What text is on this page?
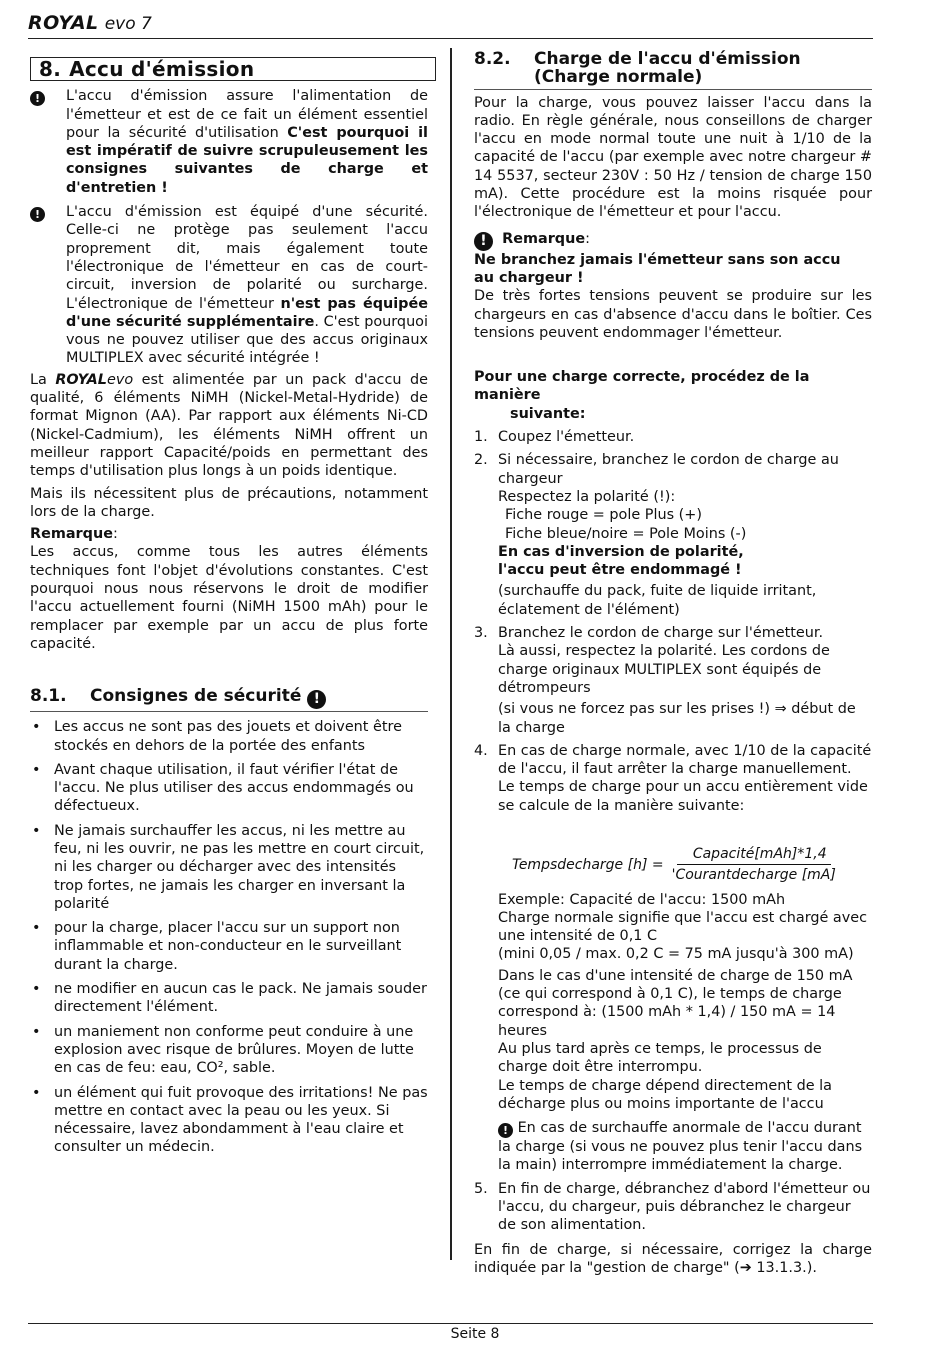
ROYAL evo 7
8. Accu d'émission
!	L'accu d'émission assure l'alimentation de l'émetteur et est de ce fait un élément essentiel pour la sécurité d'utilisation C'est pourquoi il est impératif de suivre scrupuleusement les consignes suivantes de charge et d'entretien !
!	L'accu d'émission est équipé d'une sécurité. Celle-ci ne protège pas seulement l'accu proprement dit, mais également toute l'électronique de l'émetteur en cas de court-circuit, inversion de polarité ou surcharge. L'électronique de l'émetteur n'est pas équipée d'une sécurité supplémentaire. C'est pourquoi vous ne pouvez utiliser que des accus originaux MULTIPLEX avec sécurité intégrée !

La ROYALevo est alimentée par un pack d'accu de qualité, 6 éléments NiMH (Nickel-Metal-Hydride) de format Mignon (AA). Par rapport aux éléments Ni-CD (Nickel-Cadmium), les éléments NiMH offrent un meilleur rapport Capacité/poids en permettant des temps d'utilisation plus longs à un poids identique.

Mais ils nécessitent plus de précautions, notamment lors de la charge.

Remarque:

Les accus, comme tous les autres éléments techniques font l'objet d'évolutions constantes. C'est pourquoi nous nous réservons le droit de modifier l'accu actuellement fourni (NiMH 1500 mAh) pour le remplacer par exemple par un accu de plus forte capacité.

8.1. Consignes de sécurité !
• Les accus ne sont pas des jouets et doivent être stockés en dehors de la portée des enfants
• Avant chaque utilisation, il faut vérifier l'état de l'accu. Ne plus utiliser des accus endommagés ou défectueux.
• Ne jamais surchauffer les accus, ni les mettre au feu, ni les ouvrir, ne pas les mettre en court circuit, ni les charger ou décharger avec des intensités trop fortes, ne jamais les charger en inversant la polarité
• pour la charge, placer l'accu sur un support non inflammable et non-conducteur en le surveillant durant la charge.
• ne modifier en aucun cas le pack. Ne jamais souder directement l'élément.
• un maniement non conforme peut conduire à une explosion avec risque de brûlures. Moyen de lutte en cas de feu: eau, CO², sable.
• un élément qui fuit provoque des irritations! Ne pas mettre en contact avec la peau ou les yeux. Si nécessaire, lavez abondamment à l'eau claire et consulter un médecin.
8.2.	Charge de l'accu d'émission
(Charge normale)

Pour la charge, vous pouvez laisser l'accu dans la radio. En règle générale, nous conseillons de charger l'accu en mode normal toute une nuit à 1/10 de la capacité de l'accu (par exemple avec notre chargeur # 14 5537, secteur 230V : 50 Hz / tension de charge 150 mA). Cette procédure est la moins risquée pour l'électronique de l'émetteur et pour l'accu.

! Remarque:

Ne branchez jamais l'émetteur sans son accu
au chargeur !

De très fortes tensions peuvent se produire sur les chargeurs en cas d'absence d'accu dans le boîtier. Ces tensions peuvent endommager l'émetteur.

Pour une charge correcte, procédez de la manière
suivante:

1. Coupez l'émetteur.
2. Si nécessaire, branchez le cordon de charge au chargeur
Respectez la polarité (!):
Fiche rouge = pole Plus (+)
Fiche bleue/noire = Pole Moins (-)
En cas d'inversion de polarité,
l'accu peut être endommagé !
(surchauffe du pack, fuite de liquide irritant, éclatement de l'élément)
3. Branchez le cordon de charge sur l'émetteur.
Là aussi, respectez la polarité. Les cordons de charge originaux MULTIPLEX sont équipés de détrompeurs
(si vous ne forcez pas sur les prises !) ⇒ début de la charge
4. En cas de charge normale, avec 1/10 de la capacité de l'accu, il faut arrêter la charge manuellement.
Le temps de charge pour un accu entièrement vide se calcule de la manière suivante:
Tempsdecharge $[h] = \frac{\text{Capacité[mAh]*1,4}}{\text{'Courantdecharge [mA]}}$
Exemple: Capacité de l'accu: 1500 mAh
Charge normale signifie que l'accu est chargé avec une intensité de 0,1 C
(mini 0,05 / max. 0,2 C = 75 mA jusqu'à 300 mA)
Dans le cas d'une intensité de charge de 150 mA (ce qui correspond à 0,1 C), le temps de charge correspond à: (1500 mAh * 1,4) / 150 mA = 14 heures
Au plus tard après ce temps, le processus de charge doit être interrompu.
Le temps de charge dépend directement de la décharge plus ou moins importante de l'accu
! En cas de surchauffe anormale de l'accu durant la charge (si vous ne pouvez plus tenir l'accu dans la main) interrompre immédiatement la charge.
5. En fin de charge, débranchez d'abord l'émetteur ou l'accu, du chargeur, puis débranchez le chargeur de son alimentation.

En fin de charge, si nécessaire, corrigez la charge indiquée par la "gestion de charge" (➔ 13.1.3.).

Seite 8
